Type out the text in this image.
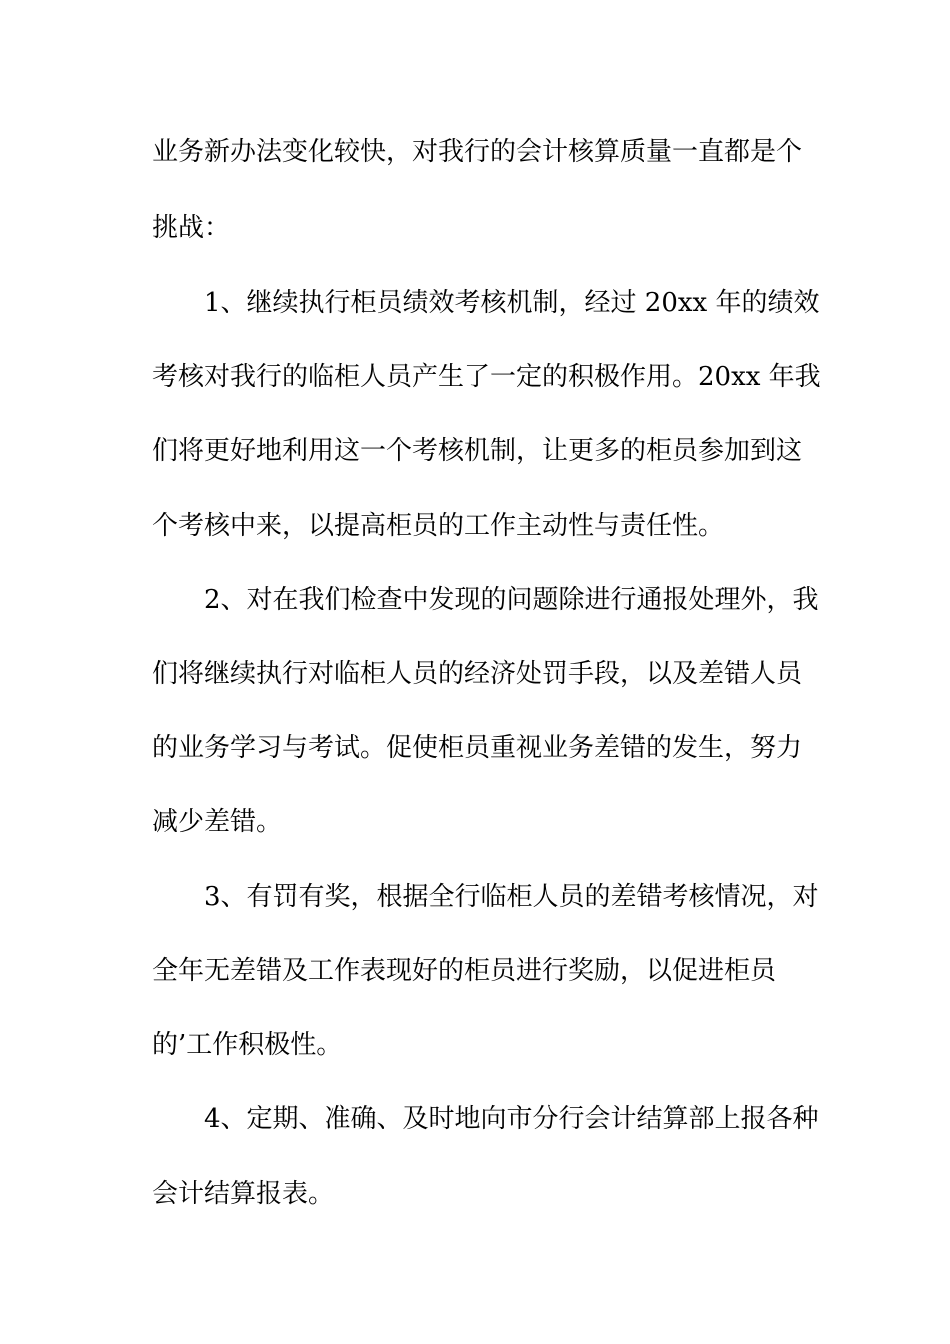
业务新办法变化较快，对我行的会计核算质量一直都是个
挑战：
1、继续执行柜员绩效考核机制，经过 20xx 年的绩效
考核对我行的临柜人员产生了一定的积极作用。20xx 年我
们将更好地利用这一个考核机制，让更多的柜员参加到这
个考核中来，以提高柜员的工作主动性与责任性。
2、对在我们检查中发现的问题除进行通报处理外，我
们将继续执行对临柜人员的经济处罚手段，以及差错人员
的业务学习与考试。促使柜员重视业务差错的发生，努力
减少差错。
3、有罚有奖，根据全行临柜人员的差错考核情况，对
全年无差错及工作表现好的柜员进行奖励，以促进柜员
的’工作积极性。
4、定期、准确、及时地向市分行会计结算部上报各种
会计结算报表。
